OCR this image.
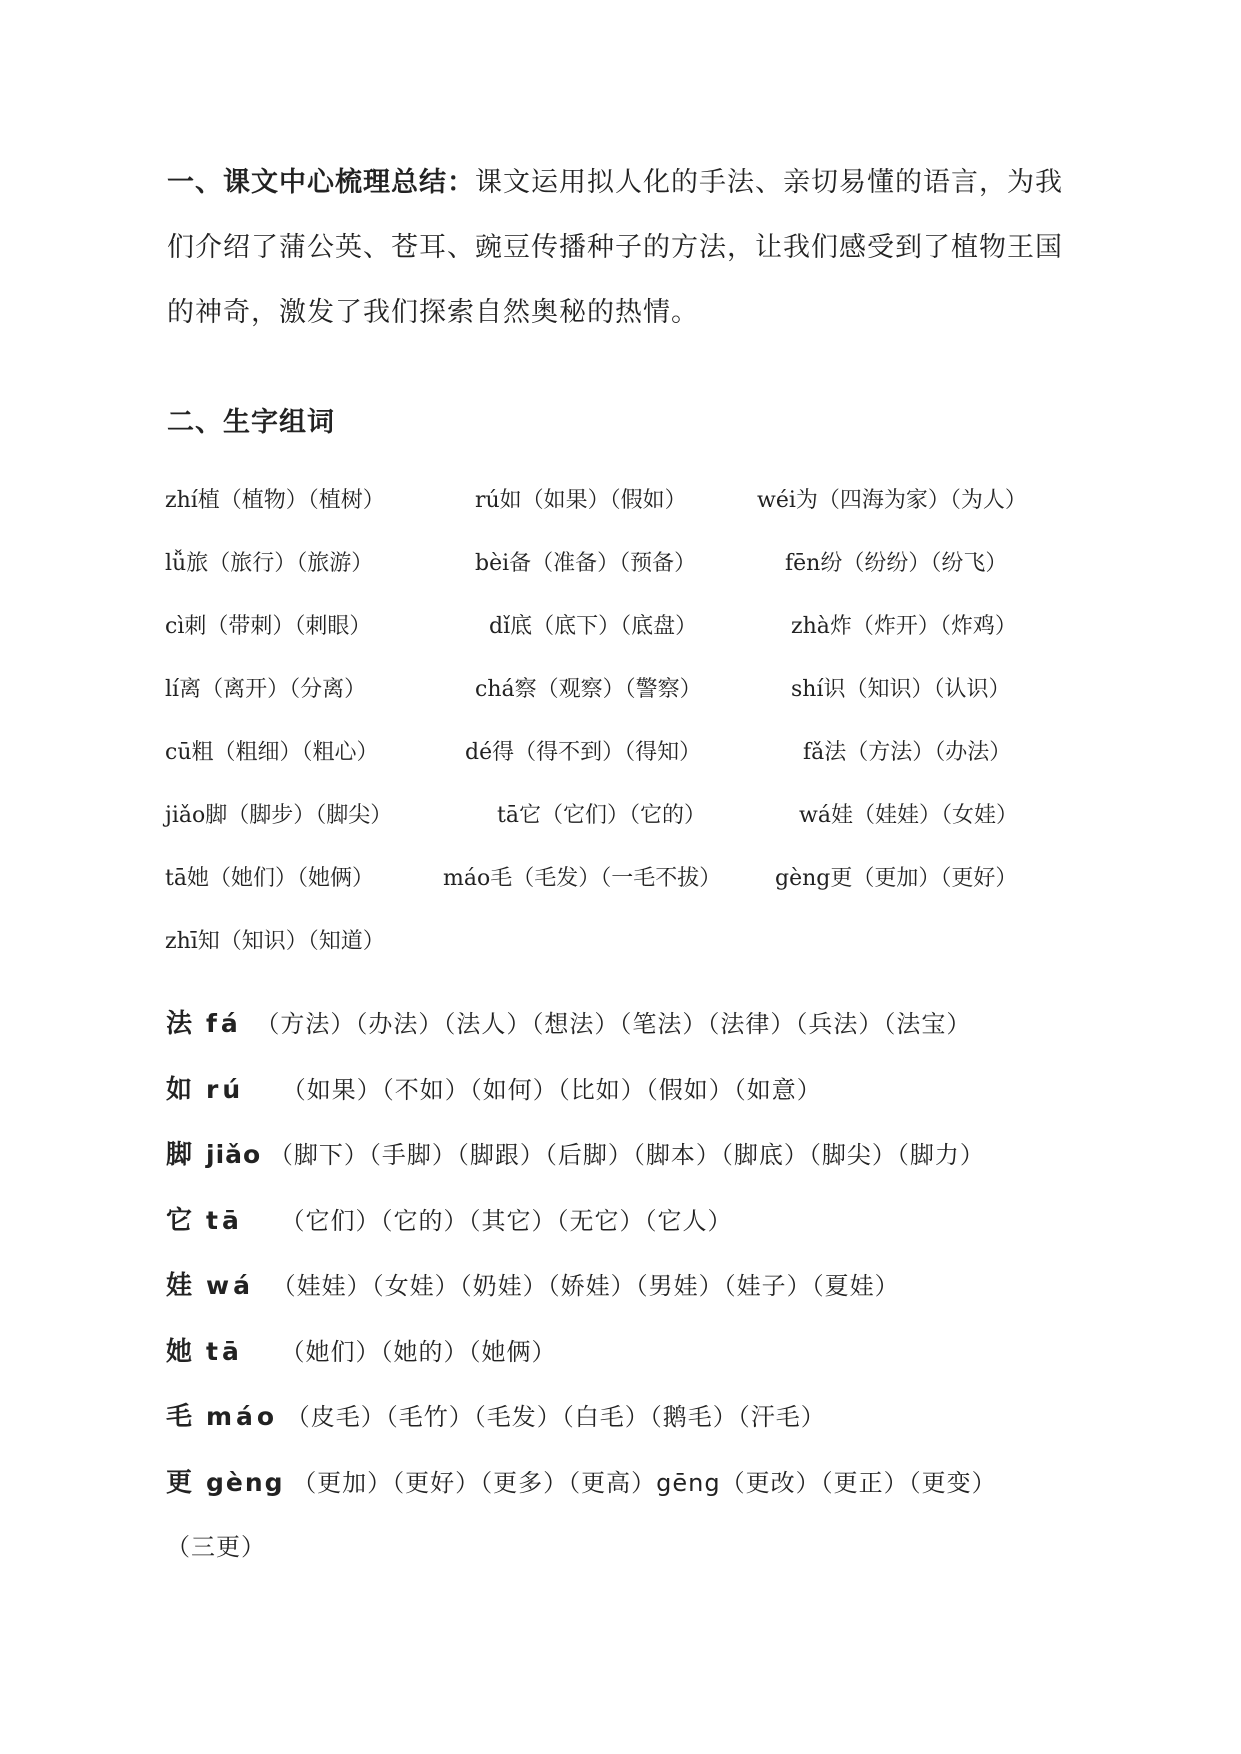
一、课文中心梳理总结：课文运用拟人化的手法、亲切易懂的语言，为我们介绍了蒲公英、苍耳、豌豆传播种子的方法，让我们感受到了植物王国的神奇，激发了我们探索自然奥秘的热情。
二、生字组词
zhí植（植物）（植树）	rú如（如果）（假如）	wéi为（四海为家）（为人）
lǚ旅（旅行）（旅游）	bèi备（准备）（预备）	fēn纷（纷纷）（纷飞）
cì刺（带刺）（刺眼）	dǐ底（底下）（底盘）	zhà炸（炸开）（炸鸡）
lí离（离开）（分离）	chá察（观察）（警察）	shí识（知识）（认识）
cū粗（粗细）（粗心）	dé得（得不到）（得知）	fǎ法（方法）（办法）
jiǎo脚（脚步）（脚尖）	tā它（它们）（它的）	wá娃（娃娃）（女娃）
tā她（她们）（她俩）	máo毛（毛发）（一毛不拔） gèng更（更加）（更好）
zhī知（知识）（知道）
法 fá （方法）（办法）（法人）（想法）（笔法）（法律）（兵法）（法宝）
如 rú （如果）（不如）（如何）（比如）（假如）（如意）
脚 jiǎo （脚下）（手脚）（脚跟）（后脚）（脚本）（脚底）（脚尖）（脚力）
它 tā （它们）（它的）（其它）（无它）（它人）
娃 wá （娃娃）（女娃）（奶娃）（娇娃）（男娃）（娃子）（夏娃）
她 tā （她们）（她的）（她俩）
毛 máo （皮毛）（毛竹）（毛发）（白毛）（鹅毛）（汗毛）
更 gèng （更加）（更好）（更多）（更高）gēng（更改）（更正）（更变）
（三更）
